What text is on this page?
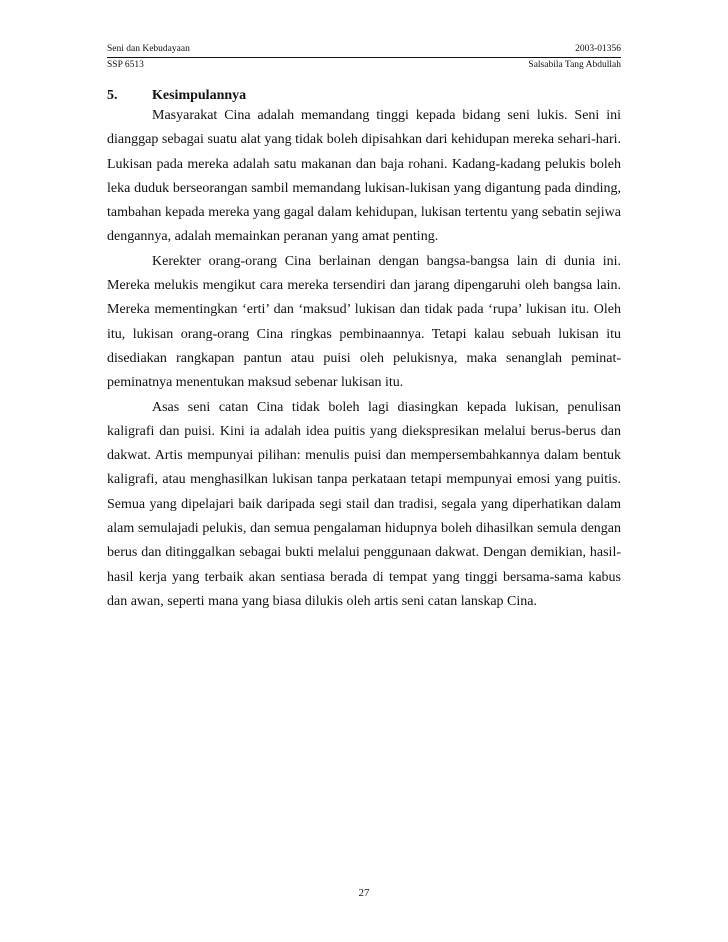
Seni dan Kebudayaan	2003-01356
SSP 6513	Salsabila Tang Abdullah
5.	Kesimpulannya

Masyarakat Cina adalah memandang tinggi kepada bidang seni lukis. Seni ini dianggap sebagai suatu alat yang tidak boleh dipisahkan dari kehidupan mereka sehari-hari. Lukisan pada mereka adalah satu makanan dan baja rohani. Kadang-kadang pelukis boleh leka duduk berseorangan sambil memandang lukisan-lukisan yang digantung pada dinding, tambahan kepada mereka yang gagal dalam kehidupan, lukisan tertentu yang sebatin sejiwa dengannya, adalah memainkan peranan yang amat penting.

Kerekter orang-orang Cina berlainan dengan bangsa-bangsa lain di dunia ini. Mereka melukis mengikut cara mereka tersendiri dan jarang dipengaruhi oleh bangsa lain. Mereka mementingkan ‘erti’ dan ‘maksud’ lukisan dan tidak pada ‘rupa’ lukisan itu. Oleh itu, lukisan orang-orang Cina ringkas pembinaannya. Tetapi kalau sebuah lukisan itu disediakan rangkapan pantun atau puisi oleh pelukisnya, maka senanglah peminat-peminatnya menentukan maksud sebenar lukisan itu.

Asas seni catan Cina tidak boleh lagi diasingkan kepada lukisan, penulisan kaligrafi dan puisi. Kini ia adalah idea puitis yang diekspresikan melalui berus-berus dan dakwat. Artis mempunyai pilihan: menulis puisi dan mempersembahkannya dalam bentuk kaligrafi, atau menghasilkan lukisan tanpa perkataan tetapi mempunyai emosi yang puitis. Semua yang dipelajari baik daripada segi stail dan tradisi, segala yang diperhatikan dalam alam semulajadi pelukis, dan semua pengalaman hidupnya boleh dihasilkan semula dengan berus dan ditinggalkan sebagai bukti melalui penggunaan dakwat. Dengan demikian, hasil-hasil kerja yang terbaik akan sentiasa berada di tempat yang tinggi bersama-sama kabus dan awan, seperti mana yang biasa dilukis oleh artis seni catan lanskap Cina.

27
